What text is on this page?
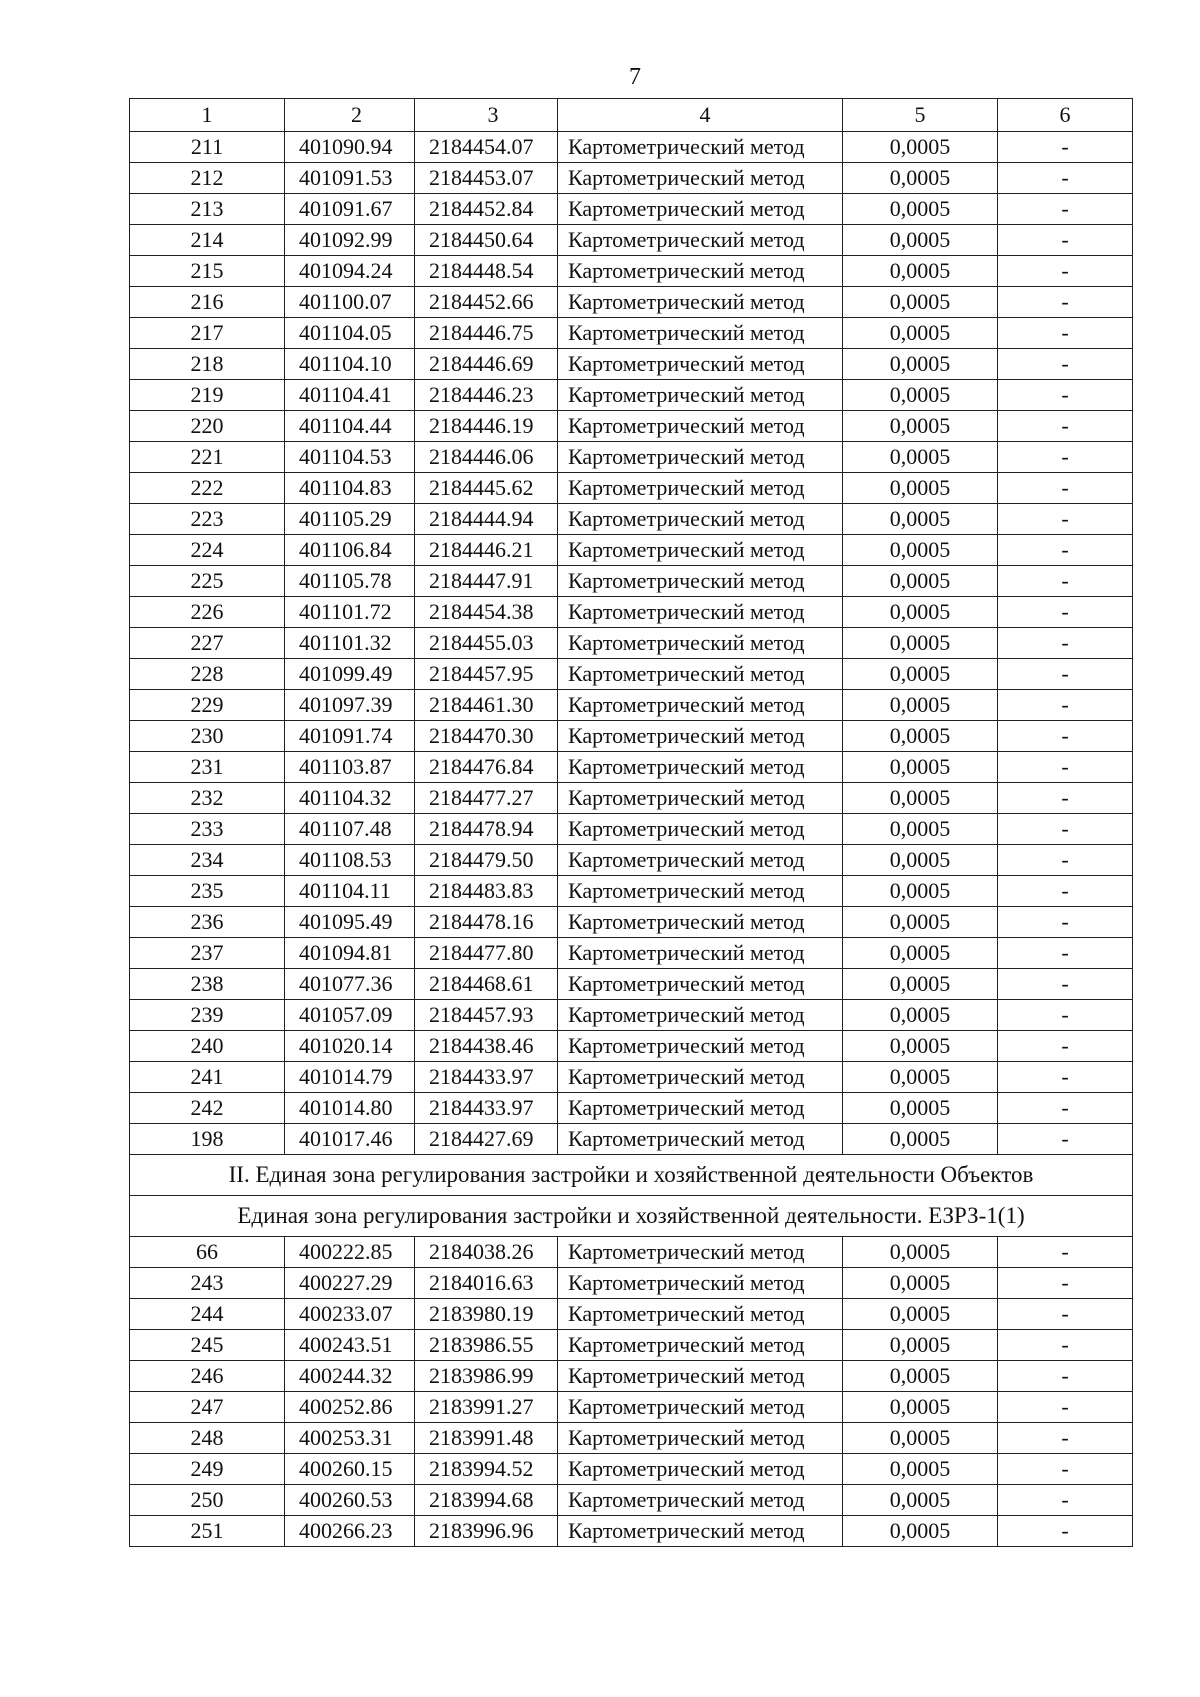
7
1	2	3	4	5	6
211	401090.94	2184454.07	Картометрический метод	0,0005	-
212	401091.53	2184453.07	Картометрический метод	0,0005	-
213	401091.67	2184452.84	Картометрический метод	0,0005	-
214	401092.99	2184450.64	Картометрический метод	0,0005	-
215	401094.24	2184448.54	Картометрический метод	0,0005	-
216	401100.07	2184452.66	Картометрический метод	0,0005	-
217	401104.05	2184446.75	Картометрический метод	0,0005	-
218	401104.10	2184446.69	Картометрический метод	0,0005	-
219	401104.41	2184446.23	Картометрический метод	0,0005	-
220	401104.44	2184446.19	Картометрический метод	0,0005	-
221	401104.53	2184446.06	Картометрический метод	0,0005	-
222	401104.83	2184445.62	Картометрический метод	0,0005	-
223	401105.29	2184444.94	Картометрический метод	0,0005	-
224	401106.84	2184446.21	Картометрический метод	0,0005	-
225	401105.78	2184447.91	Картометрический метод	0,0005	-
226	401101.72	2184454.38	Картометрический метод	0,0005	-
227	401101.32	2184455.03	Картометрический метод	0,0005	-
228	401099.49	2184457.95	Картометрический метод	0,0005	-
229	401097.39	2184461.30	Картометрический метод	0,0005	-
230	401091.74	2184470.30	Картометрический метод	0,0005	-
231	401103.87	2184476.84	Картометрический метод	0,0005	-
232	401104.32	2184477.27	Картометрический метод	0,0005	-
233	401107.48	2184478.94	Картометрический метод	0,0005	-
234	401108.53	2184479.50	Картометрический метод	0,0005	-
235	401104.11	2184483.83	Картометрический метод	0,0005	-
236	401095.49	2184478.16	Картометрический метод	0,0005	-
237	401094.81	2184477.80	Картометрический метод	0,0005	-
238	401077.36	2184468.61	Картометрический метод	0,0005	-
239	401057.09	2184457.93	Картометрический метод	0,0005	-
240	401020.14	2184438.46	Картометрический метод	0,0005	-
241	401014.79	2184433.97	Картометрический метод	0,0005	-
242	401014.80	2184433.97	Картометрический метод	0,0005	-
198	401017.46	2184427.69	Картометрический метод	0,0005	-
II. Единая зона регулирования застройки и хозяйственной деятельности Объектов					
Единая зона регулирования застройки и хозяйственной деятельности. ЕЗРЗ-1(1)					
66	400222.85	2184038.26	Картометрический метод	0,0005	-
243	400227.29	2184016.63	Картометрический метод	0,0005	-
244	400233.07	2183980.19	Картометрический метод	0,0005	-
245	400243.51	2183986.55	Картометрический метод	0,0005	-
246	400244.32	2183986.99	Картометрический метод	0,0005	-
247	400252.86	2183991.27	Картометрический метод	0,0005	-
248	400253.31	2183991.48	Картометрический метод	0,0005	-
249	400260.15	2183994.52	Картометрический метод	0,0005	-
250	400260.53	2183994.68	Картометрический метод	0,0005	-
251	400266.23	2183996.96	Картометрический метод	0,0005	-
